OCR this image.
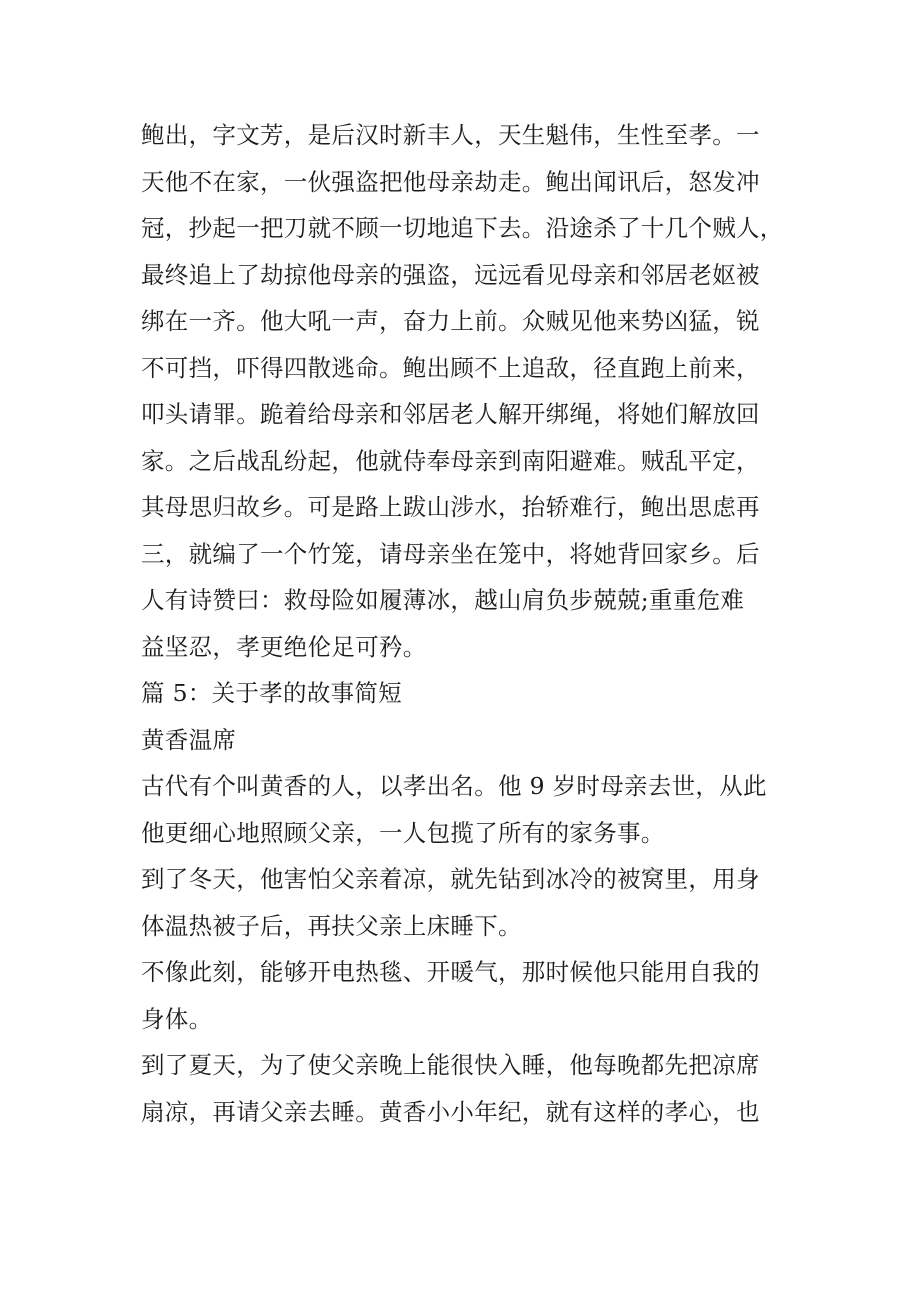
鲍出，字文芳，是后汉时新丰人，天生魁伟，生性至孝。一
天他不在家，一伙强盗把他母亲劫走。鲍出闻讯后，怒发冲
冠，抄起一把刀就不顾一切地追下去。沿途杀了十几个贼人，
最终追上了劫掠他母亲的强盗，远远看见母亲和邻居老妪被
绑在一齐。他大吼一声，奋力上前。众贼见他来势凶猛，锐
不可挡，吓得四散逃命。鲍出顾不上追敌，径直跑上前来，
叩头请罪。跪着给母亲和邻居老人解开绑绳，将她们解放回
家。之后战乱纷起，他就侍奉母亲到南阳避难。贼乱平定，
其母思归故乡。可是路上跋山涉水，抬轿难行，鲍出思虑再
三，就编了一个竹笼，请母亲坐在笼中，将她背回家乡。后
人有诗赞曰：救母险如履薄冰，越山肩负步兢兢;重重危难
益坚忍，孝更绝伦足可矜。
篇 5：关于孝的故事简短
黄香温席
古代有个叫黄香的人，以孝出名。他 9 岁时母亲去世，从此
他更细心地照顾父亲，一人包揽了所有的家务事。
到了冬天，他害怕父亲着凉，就先钻到冰冷的被窝里，用身
体温热被子后，再扶父亲上床睡下。
不像此刻，能够开电热毯、开暖气，那时候他只能用自我的
身体。
到了夏天，为了使父亲晚上能很快入睡，他每晚都先把凉席
扇凉，再请父亲去睡。黄香小小年纪，就有这样的孝心，也
